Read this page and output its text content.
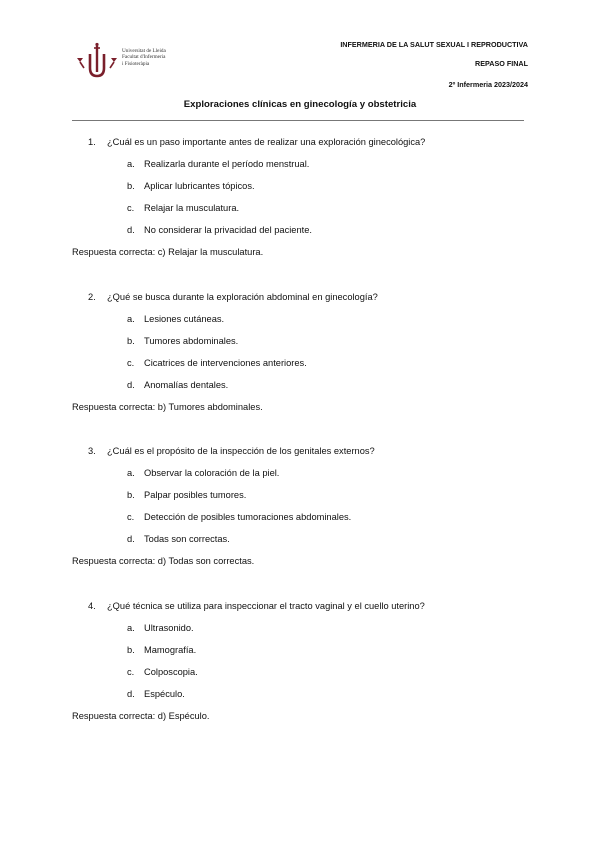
Universitat de Lleida
Facultat d'Infermeria
i Fisioteràpia
INFERMERIA DE LA SALUT SEXUAL I REPRODUCTIVA
REPASO FINAL
2º Infermeria 2023/2024
Exploraciones clínicas en ginecología y obstetricia
1. ¿Cuál es un paso importante antes de realizar una exploración ginecológica?
a. Realizarla durante el período menstrual.
b. Aplicar lubricantes tópicos.
c. Relajar la musculatura.
d. No considerar la privacidad del paciente.
Respuesta correcta: c) Relajar la musculatura.
2. ¿Qué se busca durante la exploración abdominal en ginecología?
a. Lesiones cutáneas.
b. Tumores abdominales.
c. Cicatrices de intervenciones anteriores.
d. Anomalías dentales.
Respuesta correcta: b) Tumores abdominales.
3. ¿Cuál es el propósito de la inspección de los genitales externos?
a. Observar la coloración de la piel.
b. Palpar posibles tumores.
c. Detección de posibles tumoraciones abdominales.
d. Todas son correctas.
Respuesta correcta: d) Todas son correctas.
4. ¿Qué técnica se utiliza para inspeccionar el tracto vaginal y el cuello uterino?
a. Ultrasonido.
b. Mamografía.
c. Colposcopia.
d. Espéculo.
Respuesta correcta: d) Espéculo.
